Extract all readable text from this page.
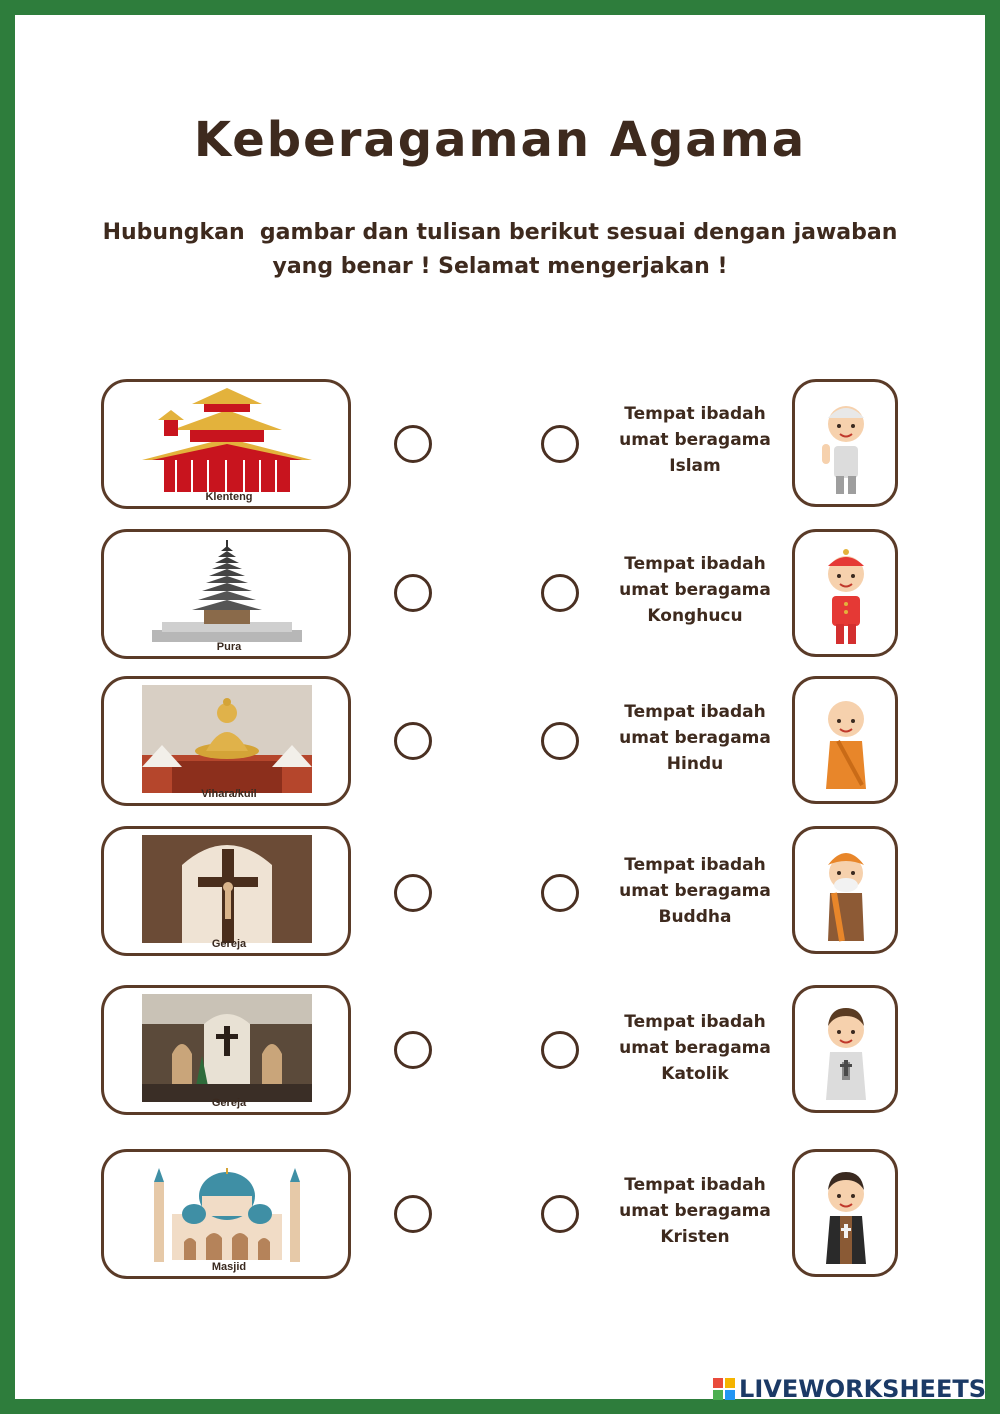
Keberagaman Agama
Hubungkan  gambar dan tulisan berikut sesuai dengan jawaban
yang benar ! Selamat mengerjakan !
Klenteng
Tempat ibadah
umat beragama
Islam
Pura
Tempat ibadah
umat beragama
Konghucu
Vihara/kuil
Tempat ibadah
umat beragama
Hindu
Gereja
Tempat ibadah
umat beragama
Buddha
Gereja
Tempat ibadah
umat beragama
Katolik
Masjid
Tempat ibadah
umat beragama
Kristen
LIVEWORKSHEETS
